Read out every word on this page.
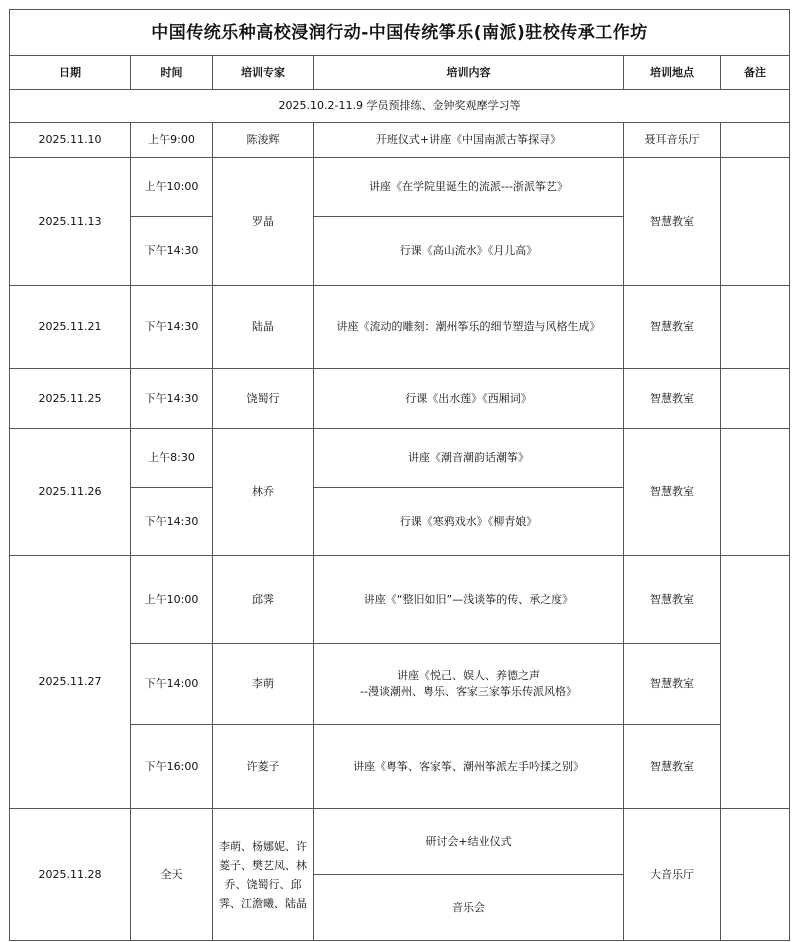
中国传统乐种高校浸润行动-中国传统筝乐(南派)驻校传承工作坊					
日期	时间	培训专家	培训内容	培训地点	备注
2025.10.2-11.9 学员预排练、金钟奖观摩学习等					
2025.11.10	上午9:00	陈浚辉	开班仪式+讲座《中国南派古筝探寻》	聂耳音乐厅	
2025.11.13	上午10:00	罗晶	讲座《在学院里诞生的流派---浙派筝艺》	智慧教室	
	下午14:30		行课《高山流水》《月儿高》		
2025.11.21	下午14:30	陆晶	讲座《流动的雕刻：潮州筝乐的细节塑造与风格生成》	智慧教室	
2025.11.25	下午14:30	饶蜀行	行课《出水莲》《西厢词》	智慧教室	
2025.11.26	上午8:30	林乔	讲座《潮音潮韵话潮筝》	智慧教室	
	下午14:30		行课《寒鸦戏水》《柳青娘》		
2025.11.27	上午10:00	邱霁	讲座《“整旧如旧”—浅谈筝的传、承之度》	智慧教室	
	下午14:00	李萌	讲座《悦己、娱人、养德之声
--漫谈潮州、粤乐、客家三家筝乐传派风格》	智慧教室	
	下午16:00	许菱子	讲座《粤筝、客家筝、潮州筝派左手吟揉之别》	智慧教室	
2025.11.28	全天	李萌、杨娜妮、许菱子、樊艺凤、林乔、饶蜀行、邱霁、江澹曦、陆晶	研讨会+结业仪式	大音乐厅	
			音乐会		
